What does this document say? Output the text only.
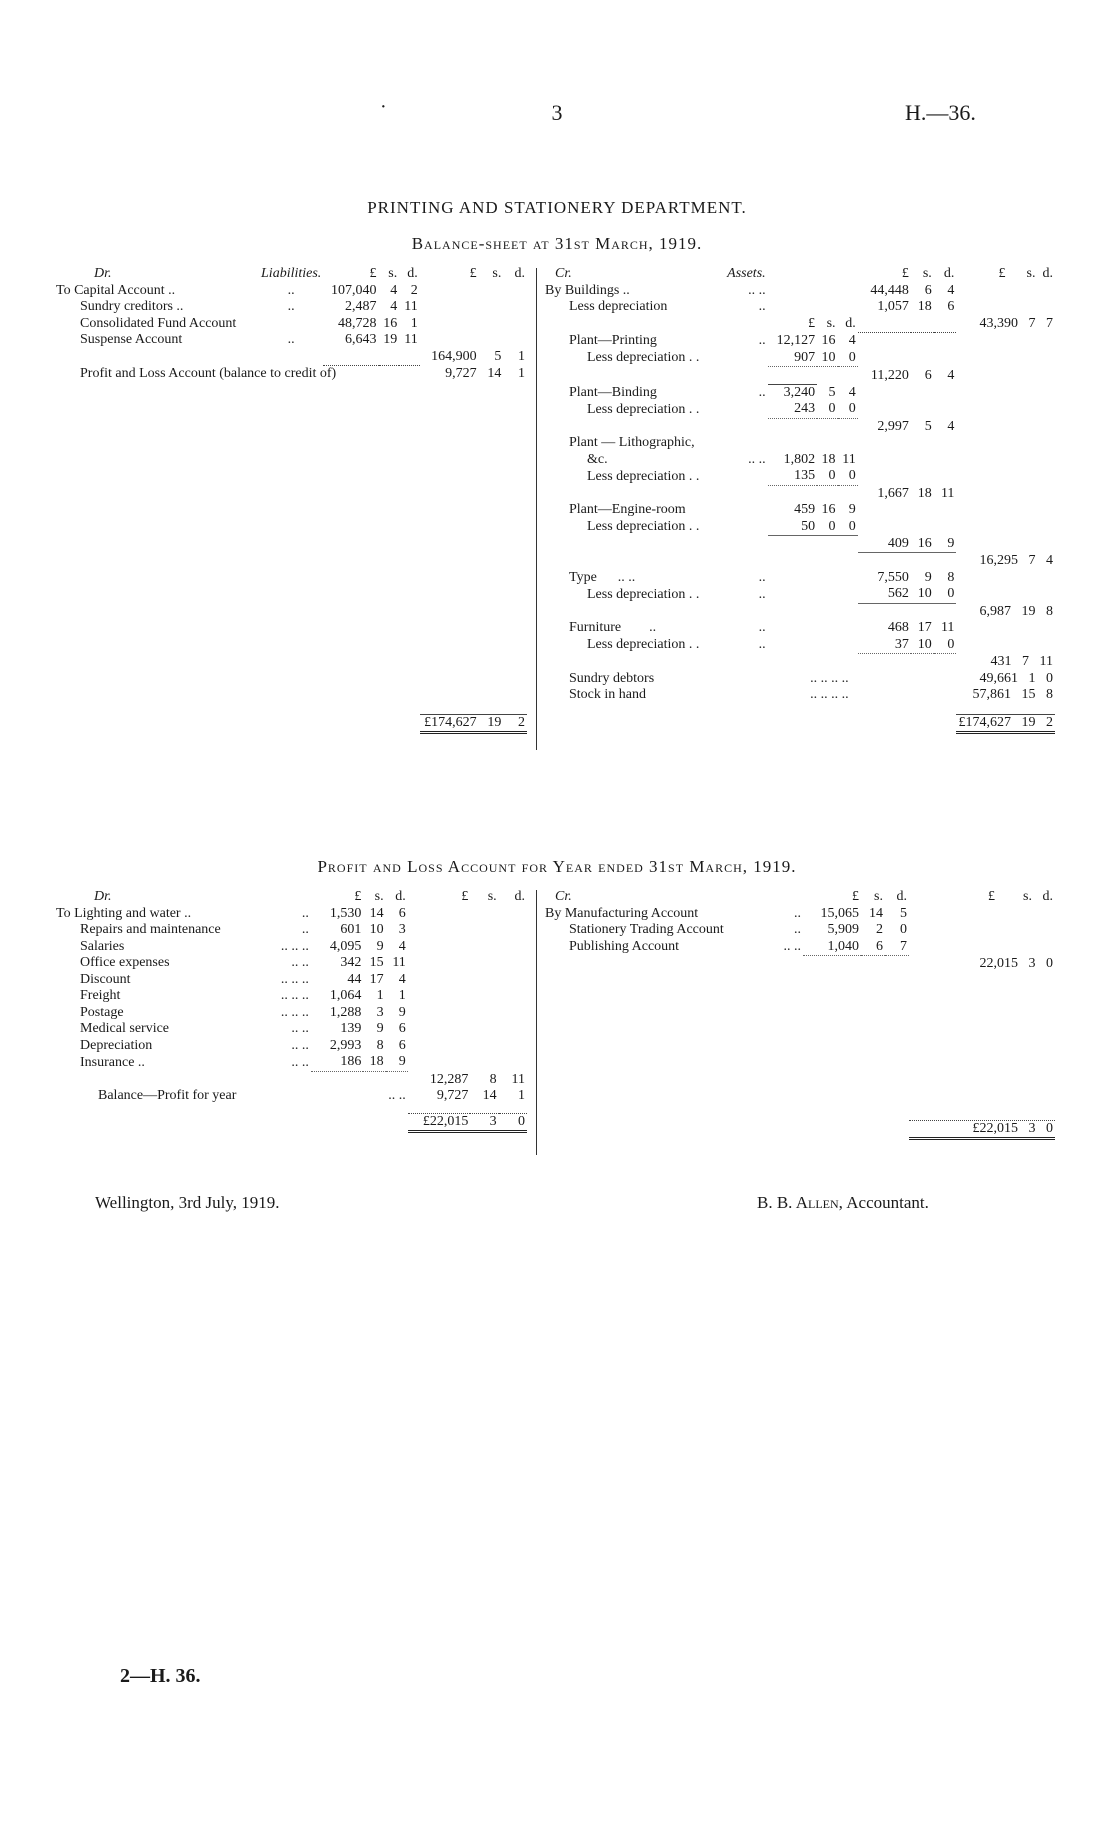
·	3	H.—36.
PRINTING AND STATIONERY DEPARTMENT.
Balance-sheet at 31st March, 1919.
Dr.	Liabilities.	£	s.	d.	£	s.	d.
To Capital Account ..	..	107,040	4	2			
Sundry creditors ..	..	2,487	4	11			
Consolidated Fund Account		48,728	16	1			
Suspense Account	..	6,643	19	11			
					164,900	5	1
Profit and Loss Account (balance to credit of)					9,727	14	1

					£174,627	19	2
Cr.	Assets.				£	s.	d.	£ s. d.
By Buildings ..	.. ..				44,448	6	4	
Less depreciation	..				1,057	18	6	
		£	s.	d.				43,390 7 7
Plant—Printing	..	12,127	16	4				
Less depreciation . .		907	10	0				
					11,220	6	4	
Plant—Binding	..	3,240	5	4				
Less depreciation . .		243	0	0				
					2,997	5	4	
Plant — Lithographic,								
&c.	.. ..	1,802	18	11				
Less depreciation . .		135	0	0				
					1,667	18	11	
Plant—Engine-room		459	16	9				
Less depreciation . .		50	0	0				
					409	16	9	
								16,295 7 4
Type .. ..	..				7,550	9	8	
Less depreciation . .	..				562	10	0	
								6,987 19 8
Furniture ..	..				468	17	11	
Less depreciation . .	..				37	10	0	
								431 7 11
Sundry debtors	.. .. .. ..							49,661 1 0
Stock in hand	.. .. .. ..							57,861 15 8

								£174,627 19 2
Profit and Loss Account for Year ended 31st March, 1919.
Dr.		£	s.	d.	£	s.	d.
To Lighting and water ..	..	1,530	14	6			
Repairs and maintenance	..	601	10	3			
Salaries	.. .. ..	4,095	9	4			
Office expenses	.. ..	342	15	11			
Discount	.. .. ..	44	17	4			
Freight	.. .. ..	1,064	1	1			
Postage	.. .. ..	1,288	3	9			
Medical service	.. ..	139	9	6			
Depreciation	.. ..	2,993	8	6			
Insurance ..	.. ..	186	18	9			
					12,287	8	11
Balance—Profit for year	.. ..				9,727	14	1

					£22,015	3	0
Cr.		£	s.	d.	£ s. d.
By Manufacturing Account	..	15,065	14	5	
Stationery Trading Account	..	5,909	2	0	
Publishing Account	.. ..	1,040	6	7	
					22,015 3 0

					£22,015 3 0
Wellington, 3rd July, 1919.	B. B. Allen, Accountant.
2—H. 36.
